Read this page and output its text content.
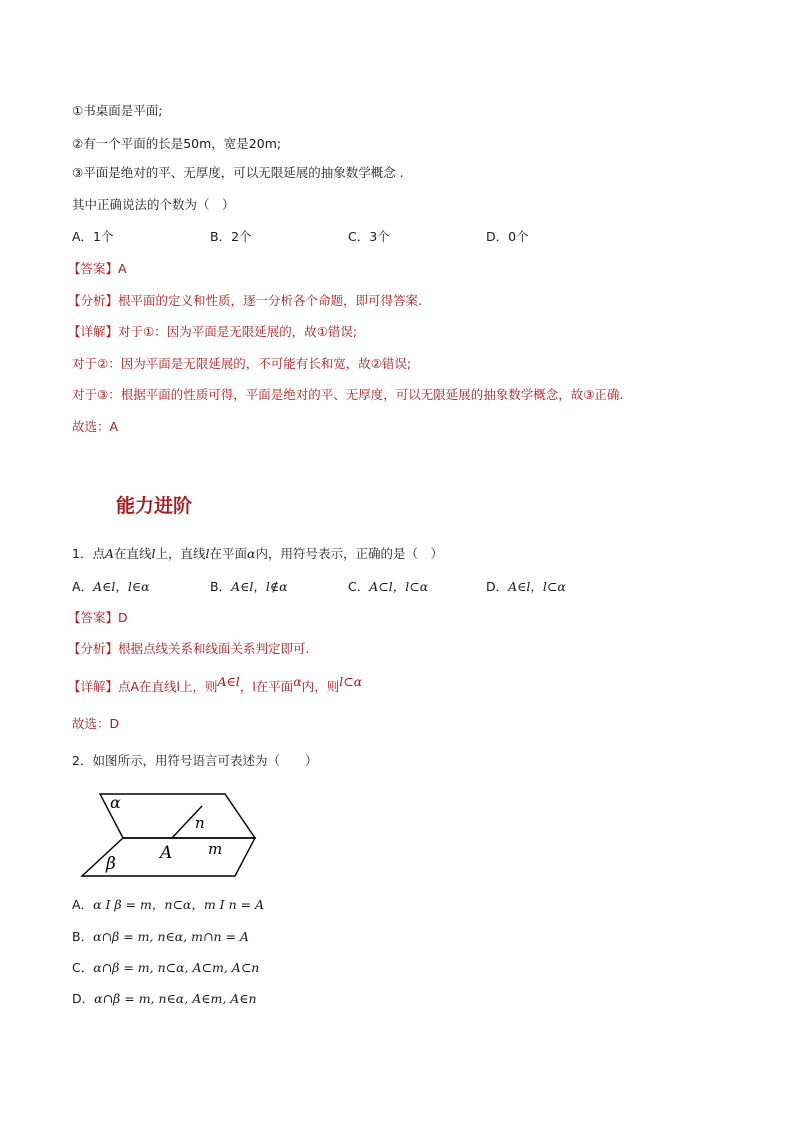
①书桌面是平面;
②有一个平面的长是50m，宽是20m;
③平面是绝对的平、无厚度，可以无限延展的抽象数学概念 .
其中正确说法的个数为（　）
A．1个	B．2个	C．3个	D．0个
【答案】A
【分析】根平面的定义和性质，逐一分析各个命题，即可得答案.
【详解】对于①：因为平面是无限延展的，故①错误;
对于②：因为平面是无限延展的，不可能有长和宽，故②错误;
对于③：根据平面的性质可得，平面是绝对的平、无厚度，可以无限延展的抽象数学概念，故③正确.
故选：A
能力进阶
1．点A在直线l上，直线l在平面α内，用符号表示，正确的是（　）
A．A∈l，l∈α	B．A∈l，l∉α	C．A⊂l，l⊂α	D．A∈l，l⊂α
【答案】D
【分析】根据点线关系和线面关系判定即可.
【详解】点A在直线l上，则A∈l，l在平面α内，则l⊂α
故选：D
2．如图所示，用符号语言可表述为（　　）
α
β
n
A m
A．α I β = m，n⊂α，m I n = A
B．α∩β = m, n∈α, m∩n = A
C．α∩β = m, n⊂α, A⊂m, A⊂n
D．α∩β = m, n∈α, A∈m, A∈n
